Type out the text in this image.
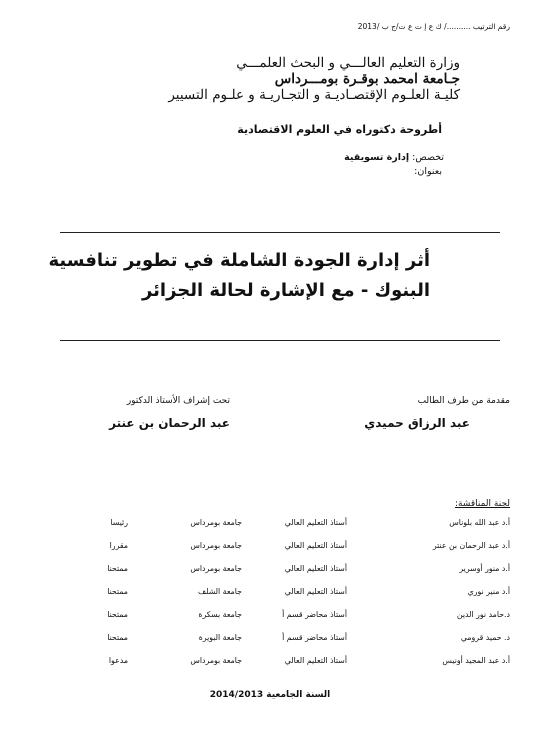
رقم الترتيب ........../ ك ع إ ت ع ت/ج ب /2013
وزارة التعليم العالـــي و البحث العلمـــي
جـامعة امحمد بوقـرة بومـــرداس
كليـة العلـوم الإقتصـاديـة و التجـاريـة و علـوم التسيير
أطروحة دكتوراه في العلوم الاقتصادية
تخصص: إدارة تسويقية
بعنوان:
أثر إدارة الجودة الشاملة في تطوير تنافسية
البنوك - مع الإشارة لحالة الجزائر
مقدمة من طرف الطالب
عبد الرزاق حميدي
تحت إشراف الأستاذ الدكتور
عبد الرحمان بن عنتر
لجنة المناقشة:
أ.د عبد الله بلوناس
أستاذ التعليم العالي
جامعة بومرداس
رئيسا
أ.د عبد الرحمان بن عنتر
أستاذ التعليم العالي
جامعة بومرداس
مقررا
أ.د منور أوسرير
أستاذ التعليم العالي
جامعة بومرداس
ممتحنا
أ.د منير نوري
أستاذ التعليم العالي
جامعة الشلف
ممتحنا
د.حامد نور الدين
أستاذ محاضر قسم أ
جامعة بسكرة
ممتحنا
د. حميد قرومي
أستاذ محاضر قسم أ
جامعة البويرة
ممتحنا
أ.د عبد المجيد أونيس
أستاذ التعليم العالي
جامعة بومرداس
مدعوا
السنة الجامعية 2014/2013
